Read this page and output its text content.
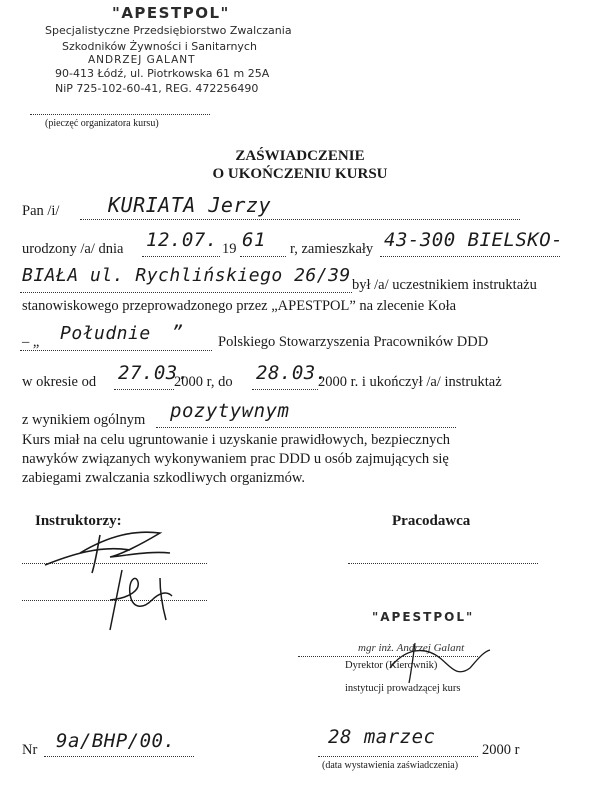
"APESTPOL"
Specjalistyczne Przedsiębiorstwo Zwalczania
Szkodników Żywności i Sanitarnych
ANDRZEJ GALANT
90-413 Łódź, ul. Piotrkowska 61 m 25A
NiP 725-102-60-41, REG. 472256490
(pieczęć organizatora kursu)
ZAŚWIADCZENIE
O UKOŃCZENIU KURSU
Pan /i/ KURIATA Jerzy
urodzony /a/ dnia 12.07. 19 61 r, zamieszkały 43-300 BIELSKO-
BIAŁA ul. Rychlińskiego 26/39 był /a/ uczestnikiem instruktażu
stanowiskowego przeprowadzonego przez „APESTPOL” na zlecenie Koła
– „ Południe ” Polskiego Stowarzyszenia Pracowników DDD
w okresie od 27.03.
2000 r, do 28.03.
2000 r. i ukończył /a/ instruktaż
z wynikiem ogólnym pozytywnym
Kurs miał na celu ugruntowanie i uzyskanie prawidłowych, bezpiecznych
nawyków związanych wykonywaniem prac DDD u osób zajmujących się
zabiegami zwalczania szkodliwych organizmów.
Instruktorzy:	Pracodawca
"APESTPOL"
mgr inż. Andrzej Galant
Dyrektor (Kierownik)
instytucji prowadzącej kurs
Nr 9a/BHP/00.	28 marzec
2000 r
(data wystawienia zaświadczenia)
